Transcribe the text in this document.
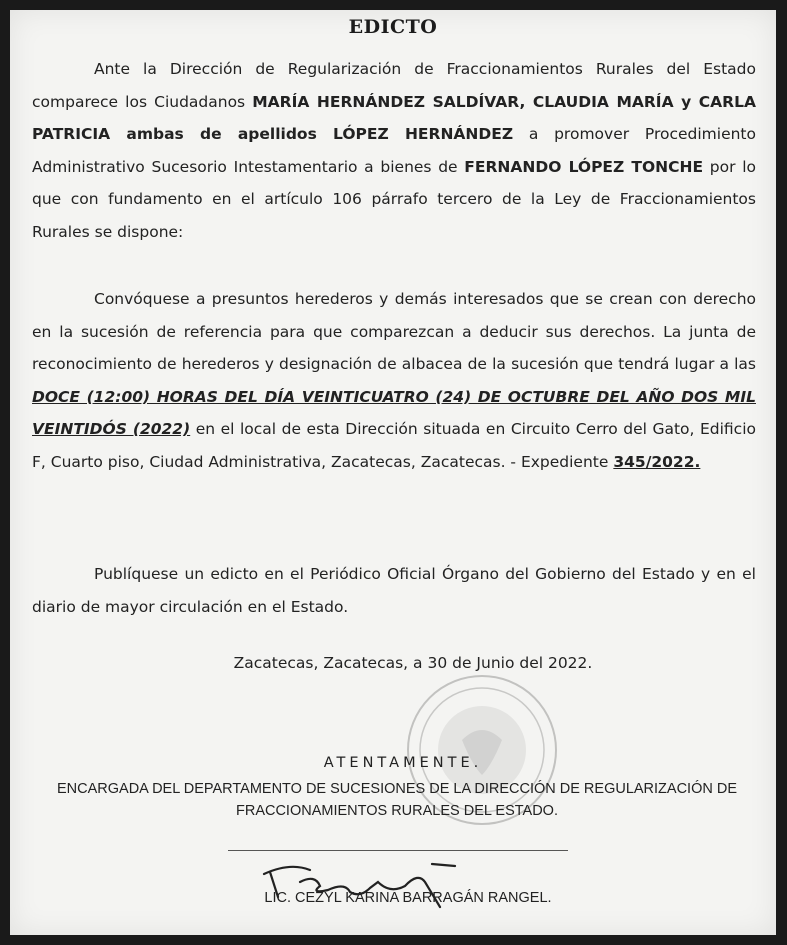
EDICTO
Ante la Dirección de Regularización de Fraccionamientos Rurales del Estado comparece los Ciudadanos MARÍA HERNÁNDEZ SALDÍVAR, CLAUDIA MARÍA y CARLA PATRICIA ambas de apellidos LÓPEZ HERNÁNDEZ a promover Procedimiento Administrativo Sucesorio Intestamentario a bienes de FERNANDO LÓPEZ TONCHE por lo que con fundamento en el artículo 106 párrafo tercero de la Ley de Fraccionamientos Rurales se dispone:
Convóquese a presuntos herederos y demás interesados que se crean con derecho en la sucesión de referencia para que comparezcan a deducir sus derechos. La junta de reconocimiento de herederos y designación de albacea de la sucesión que tendrá lugar a las DOCE (12:00) HORAS DEL DÍA VEINTICUATRO (24) DE OCTUBRE DEL AÑO DOS MIL VEINTIDÓS (2022) en el local de esta Dirección situada en Circuito Cerro del Gato, Edificio F, Cuarto piso, Ciudad Administrativa, Zacatecas, Zacatecas. - Expediente 345/2022.
Publíquese un edicto en el Periódico Oficial Órgano del Gobierno del Estado y en el diario de mayor circulación en el Estado.
Zacatecas, Zacatecas, a 30 de Junio del 2022.
ATENTAMENTE.
ENCARGADA DEL DEPARTAMENTO DE SUCESIONES DE LA DIRECCIÓN DE REGULARIZACIÓN DE FRACCIONAMIENTOS RURALES DEL ESTADO.
LIC. CEZYL KARINA BARRAGÁN RANGEL.
